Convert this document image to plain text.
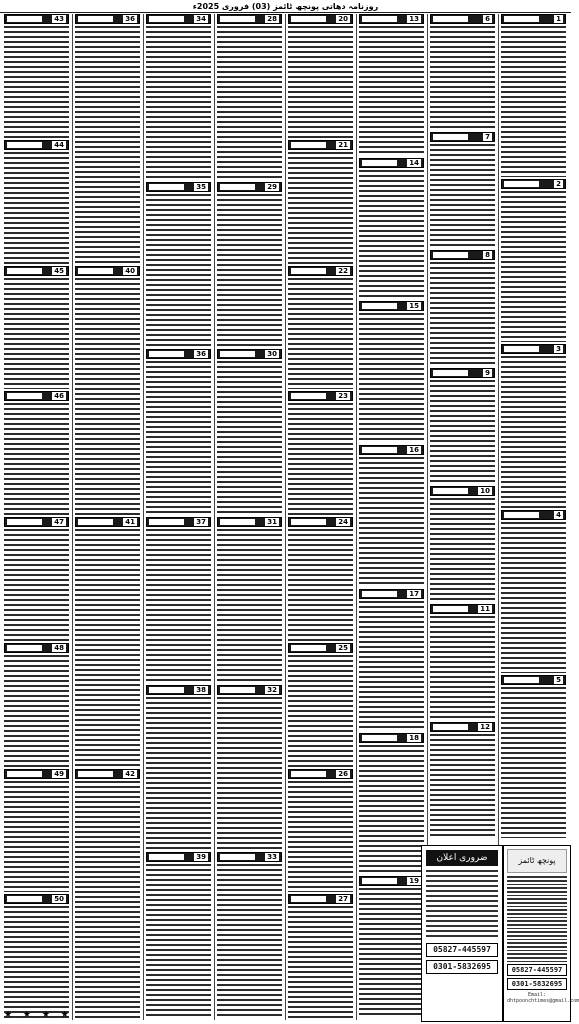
روزنامہ دھاتی پونچھ ٹائمز (03) فروری 2025ء
43
44
45
46
47
48
49
50
36
40
41
42
34
35
36
37
38
39
28
29
30
31
32
33
20
21
22
23
24
25
26
27
13
14
15
16
17
18
19
6
7
8
9
10
11
12
1
2
3
4
5
ضروری اعلان
05827-445597
0301-5832695
پونچھ ٹائمز
05827-445597
0301-5832695
Email: dhtpoonchtimes@gmail.com
★ ★ ★ ★
